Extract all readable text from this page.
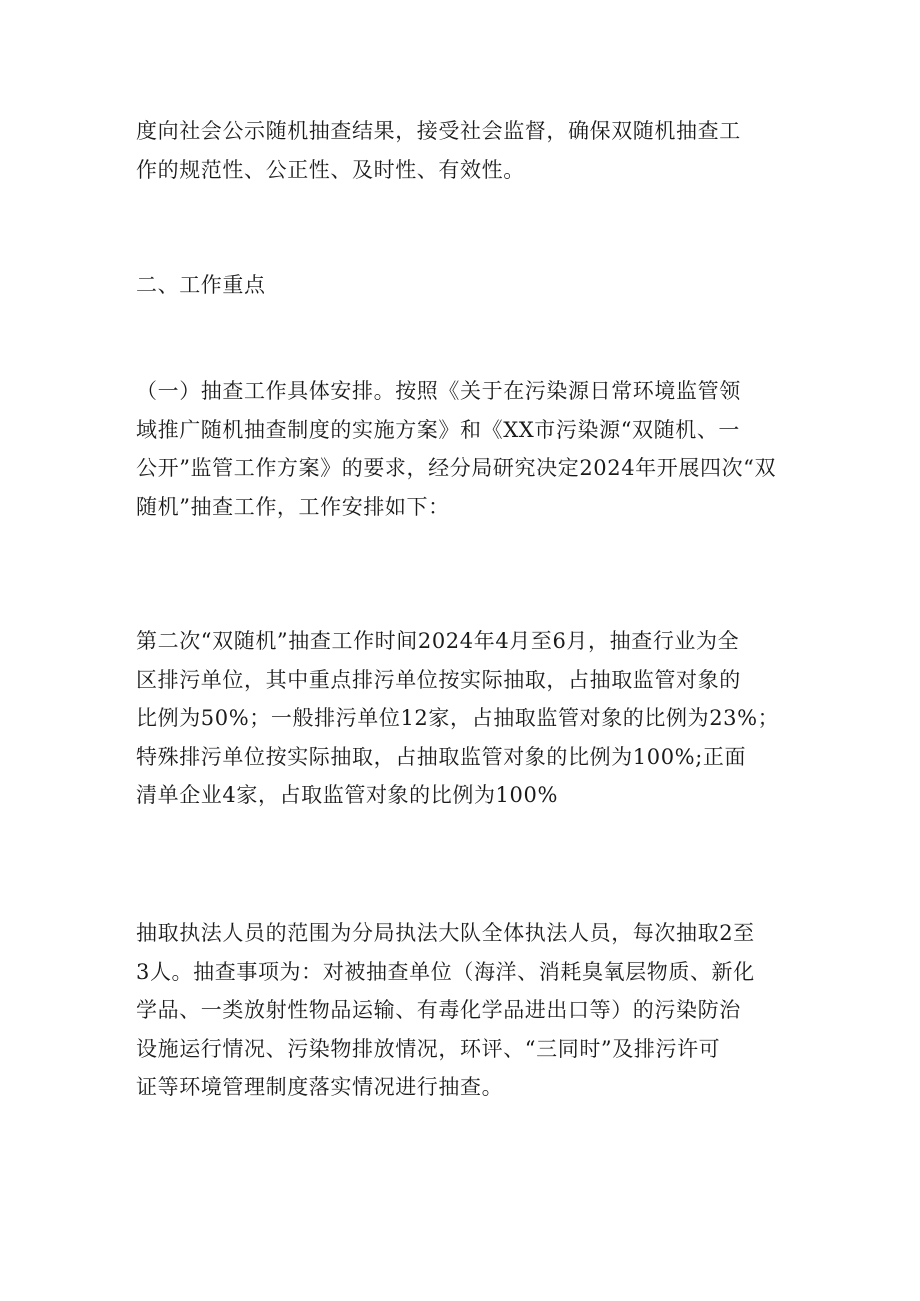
度向社会公示随机抽查结果，接受社会监督，确保双随机抽查工
作的规范性、公正性、及时性、有效性。

二、工作重点

（一）抽查工作具体安排。按照《关于在污染源日常环境监管领
域推广随机抽查制度的实施方案》和《XX市污染源“双随机、一
公开”监管工作方案》的要求，经分局研究决定2024年开展四次“双
随机”抽查工作，工作安排如下：

第二次“双随机”抽查工作时间2024年4月至6月，抽查行业为全
区排污单位，其中重点排污单位按实际抽取，占抽取监管对象的
比例为50%；一般排污单位12家，占抽取监管对象的比例为23%；
特殊排污单位按实际抽取，占抽取监管对象的比例为100%;正面
清单企业4家，占取监管对象的比例为100%

抽取执法人员的范围为分局执法大队全体执法人员，每次抽取2至
3人。抽查事项为：对被抽查单位（海洋、消耗臭氧层物质、新化
学品、一类放射性物品运输、有毒化学品进出口等）的污染防治
设施运行情况、污染物排放情况，环评、“三同时”及排污许可
证等环境管理制度落实情况进行抽查。
